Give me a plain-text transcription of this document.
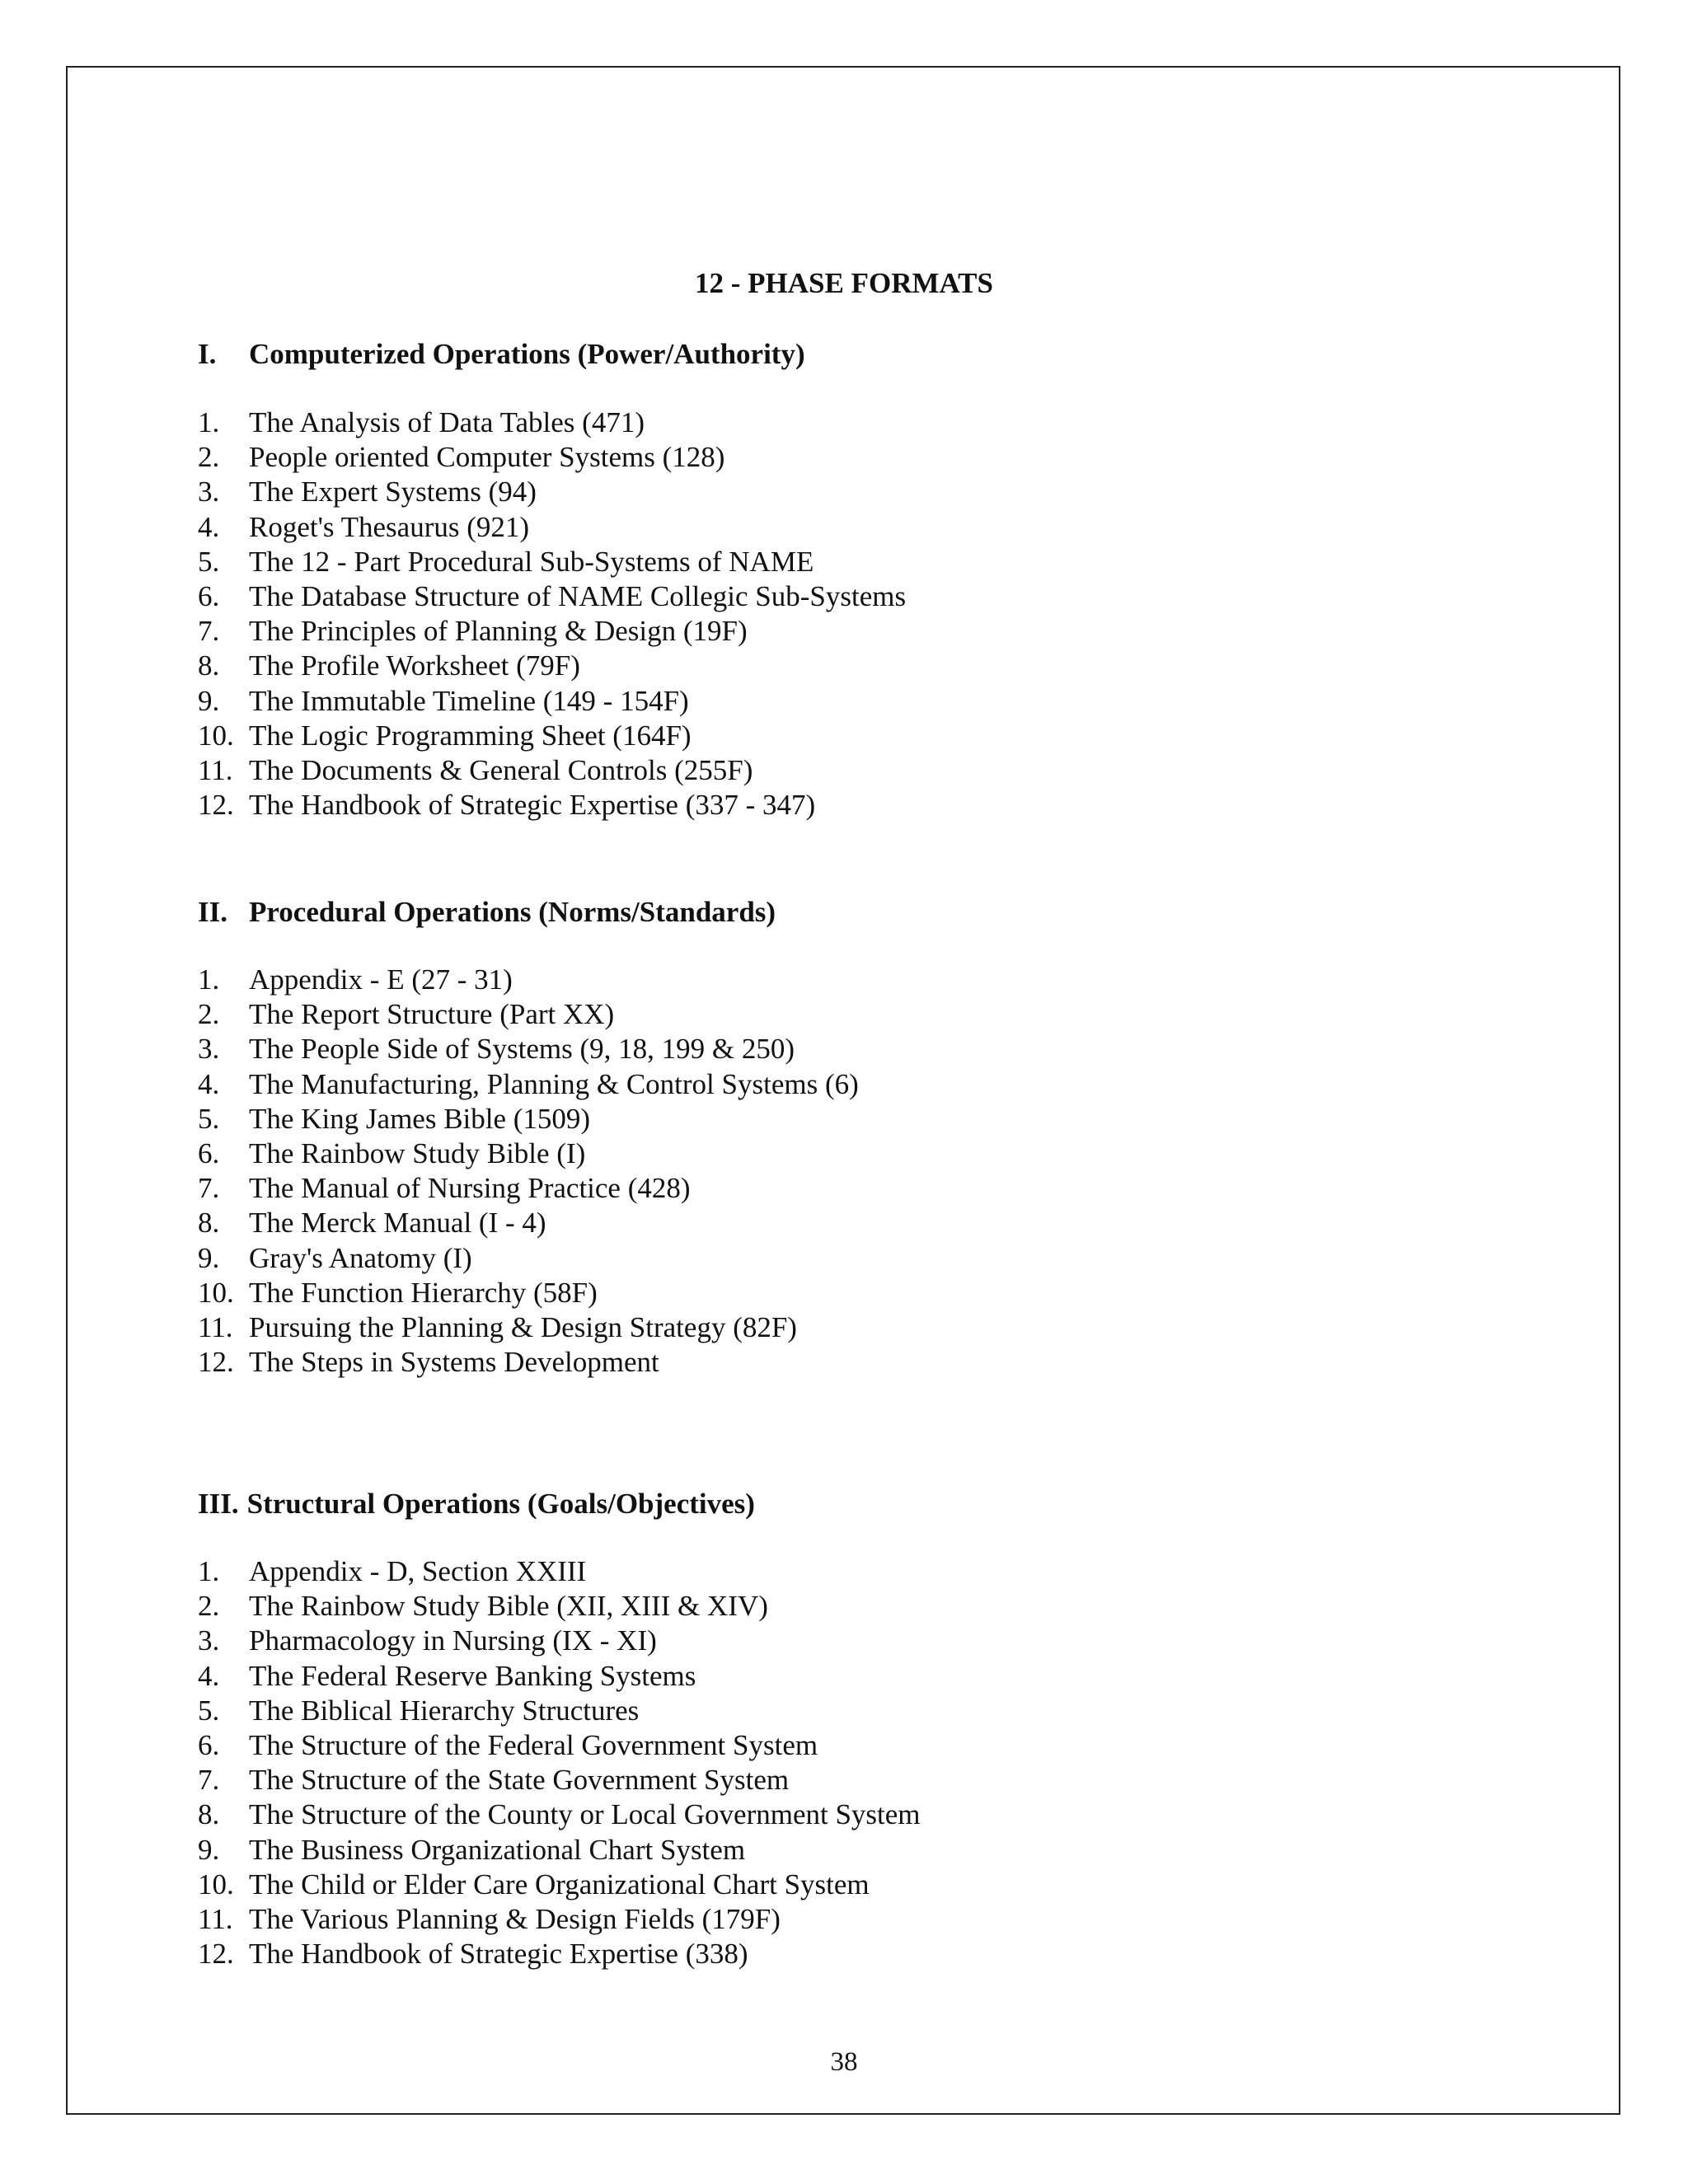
12 - PHASE FORMATS
I. Computerized Operations (Power/Authority)
1. The Analysis of Data Tables (471)
2. People oriented Computer Systems (128)
3. The Expert Systems (94)
4. Roget's Thesaurus (921)
5. The 12 - Part Procedural Sub-Systems of NAME
6. The Database Structure of NAME Collegic Sub-Systems
7. The Principles of Planning & Design (19F)
8. The Profile Worksheet (79F)
9. The Immutable Timeline (149 - 154F)
10. The Logic Programming Sheet (164F)
11. The Documents & General Controls (255F)
12. The Handbook of Strategic Expertise (337 - 347)
II. Procedural Operations (Norms/Standards)
1. Appendix - E (27 - 31)
2. The Report Structure (Part XX)
3. The People Side of Systems (9, 18, 199 & 250)
4. The Manufacturing, Planning & Control Systems (6)
5. The King James Bible (1509)
6. The Rainbow Study Bible (I)
7. The Manual of Nursing Practice (428)
8. The Merck Manual (I - 4)
9. Gray's Anatomy (I)
10. The Function Hierarchy (58F)
11. Pursuing the Planning & Design Strategy (82F)
12. The Steps in Systems Development
III. Structural Operations (Goals/Objectives)
1. Appendix - D, Section XXIII
2. The Rainbow Study Bible (XII, XIII & XIV)
3. Pharmacology in Nursing (IX - XI)
4. The Federal Reserve Banking Systems
5. The Biblical Hierarchy Structures
6. The Structure of the Federal Government System
7. The Structure of the State Government System
8. The Structure of the County or Local Government System
9. The Business Organizational Chart System
10. The Child or Elder Care Organizational Chart System
11. The Various Planning & Design Fields (179F)
12. The Handbook of Strategic Expertise (338)

38
